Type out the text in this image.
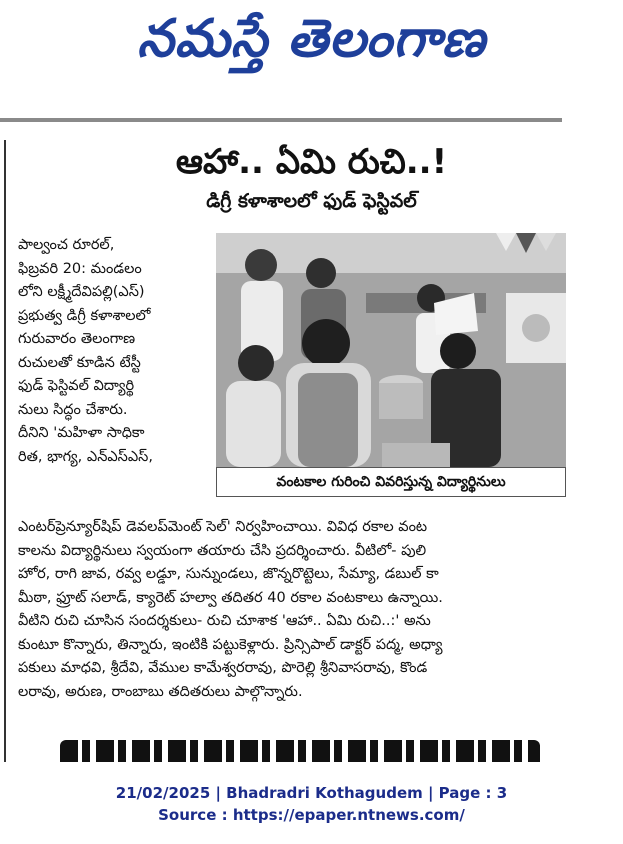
నమస్తే తెలంగాణ
ఆహా.. ఏమి రుచి..!
డిగ్రీ కళాశాలలో ఫుడ్ ఫెస్టివల్
వంటకాల గురించి వివరిస్తున్న విద్యార్థినులు
పాల్వంచ రూరల్,
ఫిబ్రవరి 20: మండలం
లోని లక్ష్మీదేవిపల్లి(ఎస్)
ప్రభుత్వ డిగ్రీ కళాశాలలో
గురువారం తెలంగాణ
రుచులతో కూడిన టేస్టీ
ఫుడ్ ఫెస్టివల్ విద్యార్థి
నులు సిద్ధం చేశారు.
దీనిని 'మహిళా సాధికా
రిత, భాగ్య, ఎన్ఎస్ఎస్,
ఎంటర్‌ప్రెన్యూర్‌షిప్ డెవలప్‌మెంట్ సెల్' నిర్వహించాయి. వివిధ రకాల వంట
కాలను విద్యార్థినులు స్వయంగా తయారు చేసి ప్రదర్శించారు. వీటిలో- పులి
హోర, రాగి జావ, రవ్వ లడ్డూ, సున్నుండలు, జొన్నరొట్టెలు, సేమ్యా, డబుల్ కా
మీఠా, ఫ్రూట్ సలాడ్, క్యారెట్ హల్వా తదితర 40 రకాల వంటకాలు ఉన్నాయి.
వీటిని రుచి చూసిన సందర్శకులు- రుచి చూశాక 'ఆహా.. ఏమి రుచి..:' అను
కుంటూ కొన్నారు, తిన్నారు, ఇంటికి పట్టుకెళ్లారు. ప్రిన్సిపాల్ డాక్టర్ పద్మ, అధ్యా
పకులు మాధవి, శ్రీదేవి, వేముల కామేశ్వరరావు, పొరెల్లి శ్రీనివాసరావు, కొండ
లరావు, అరుణ, రాంబాబు తదితరులు పాల్గొన్నారు.
21/02/2025 | Bhadradri Kothagudem | Page : 3
Source : https://epaper.ntnews.com/
